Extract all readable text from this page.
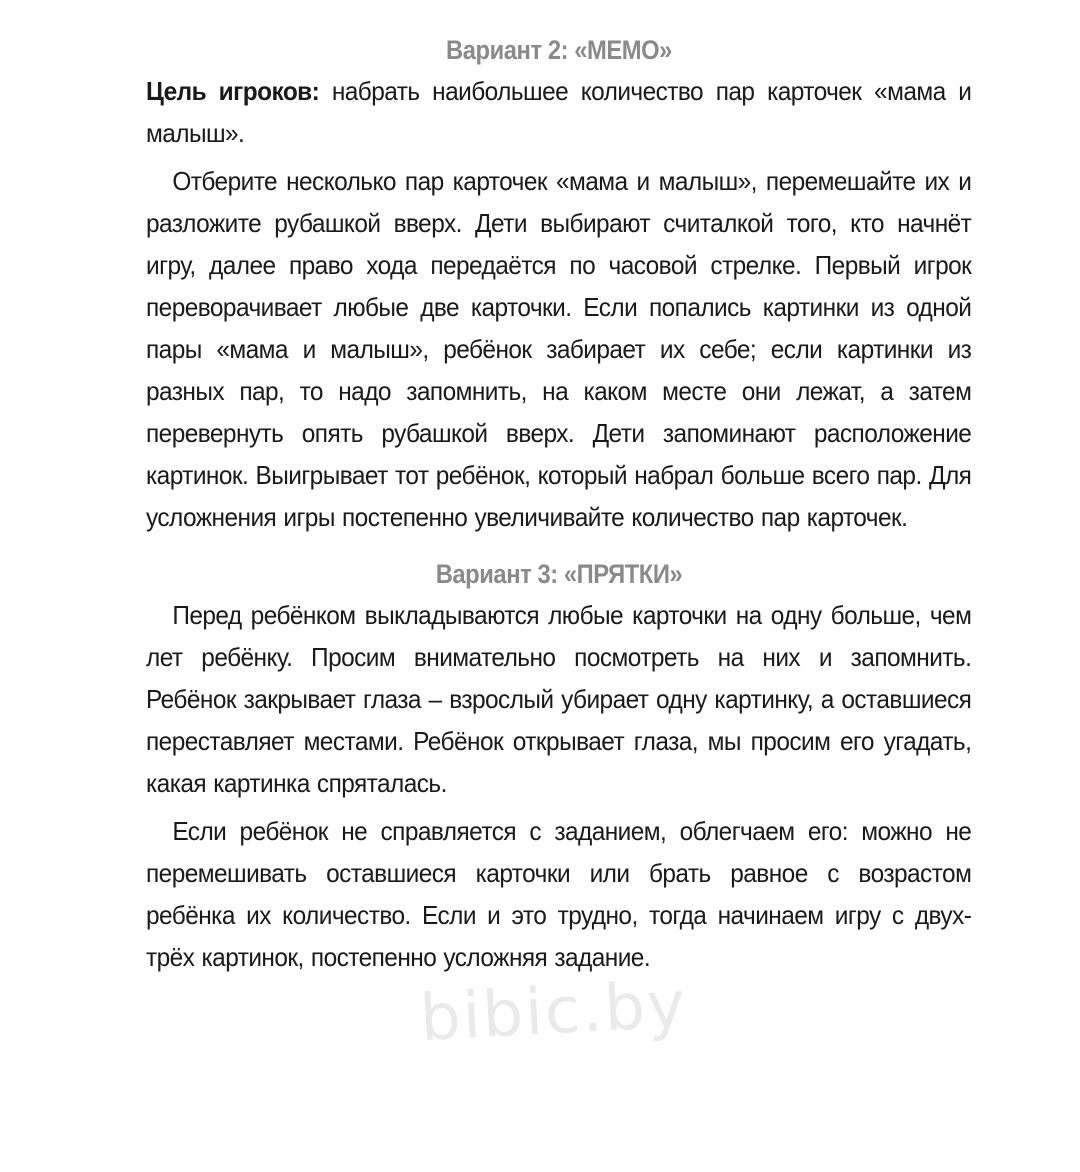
Вариант 2: «МЕМО»

Цель игроков: набрать наибольшее количество пар карточек «мама и малыш».

Отберите несколько пар карточек «мама и малыш», перемешайте их и разложите рубашкой вверх. Дети выбирают считалкой того, кто начнёт игру, далее право хода передаётся по часовой стрелке. Первый игрок переворачивает любые две карточки. Если попались картинки из одной пары «мама и малыш», ребёнок забирает их себе; если картинки из разных пар, то надо запомнить, на каком месте они лежат, а затем перевернуть опять рубашкой вверх. Дети запоминают расположение картинок. Выигрывает тот ребёнок, который набрал больше всего пар. Для усложнения игры постепенно увеличивайте количество пар карточек.

Вариант 3: «ПРЯТКИ»

Перед ребёнком выкладываются любые карточки на одну больше, чем лет ребёнку. Просим внимательно посмотреть на них и запомнить. Ребёнок закрывает глаза – взрослый убирает одну картинку, а оставшиеся переставляет местами. Ребёнок открывает глаза, мы просим его угадать, какая картинка спряталась.

Если ребёнок не справляется с заданием, облегчаем его: можно не перемешивать оставшиеся карточки или брать равное с возрастом ребёнка их количество. Если и это трудно, тогда начинаем игру с двух-трёх картинок, постепенно усложняя задание.

bibic.by
